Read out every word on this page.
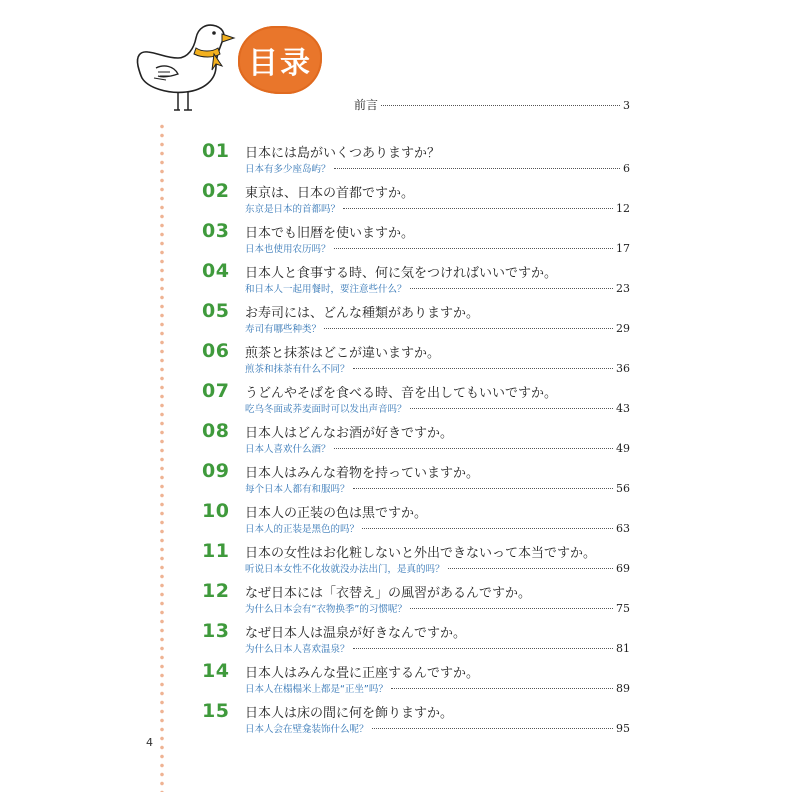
目录
前言	3
01 日本には島がいくつありますか？
日本有多少座岛屿？	6
02 東京は、日本の首都ですか。
东京是日本的首都吗？	12
03 日本でも旧暦を使いますか。
日本也使用农历吗？	17
04 日本人と食事する時、何に気をつければいいですか。
和日本人一起用餐时，要注意些什么？	23
05 お寿司には、どんな種類がありますか。
寿司有哪些种类？	29
06 煎茶と抹茶はどこが違いますか。
煎茶和抹茶有什么不同？	36
07 うどんやそばを食べる時、音を出してもいいですか。
吃乌冬面或荞麦面时可以发出声音吗？	43
08 日本人はどんなお酒が好きですか。
日本人喜欢什么酒？	49
09 日本人はみんな着物を持っていますか。
每个日本人都有和服吗？	56
10 日本人の正装の色は黒ですか。
日本人的正装是黑色的吗？	63
11 日本の女性はお化粧しないと外出できないって本当ですか。
听说日本女性不化妆就没办法出门，是真的吗？	69
12 なぜ日本には「衣替え」の風習があるんですか。
为什么日本会有“衣物换季”的习惯呢？	75
13 なぜ日本人は温泉が好きなんですか。
为什么日本人喜欢温泉？	81
14 日本人はみんな畳に正座するんですか。
日本人在榻榻米上都是“正坐”吗？	89
15 日本人は床の間に何を飾りますか。
日本人会在壁龛装饰什么呢？	95
4
